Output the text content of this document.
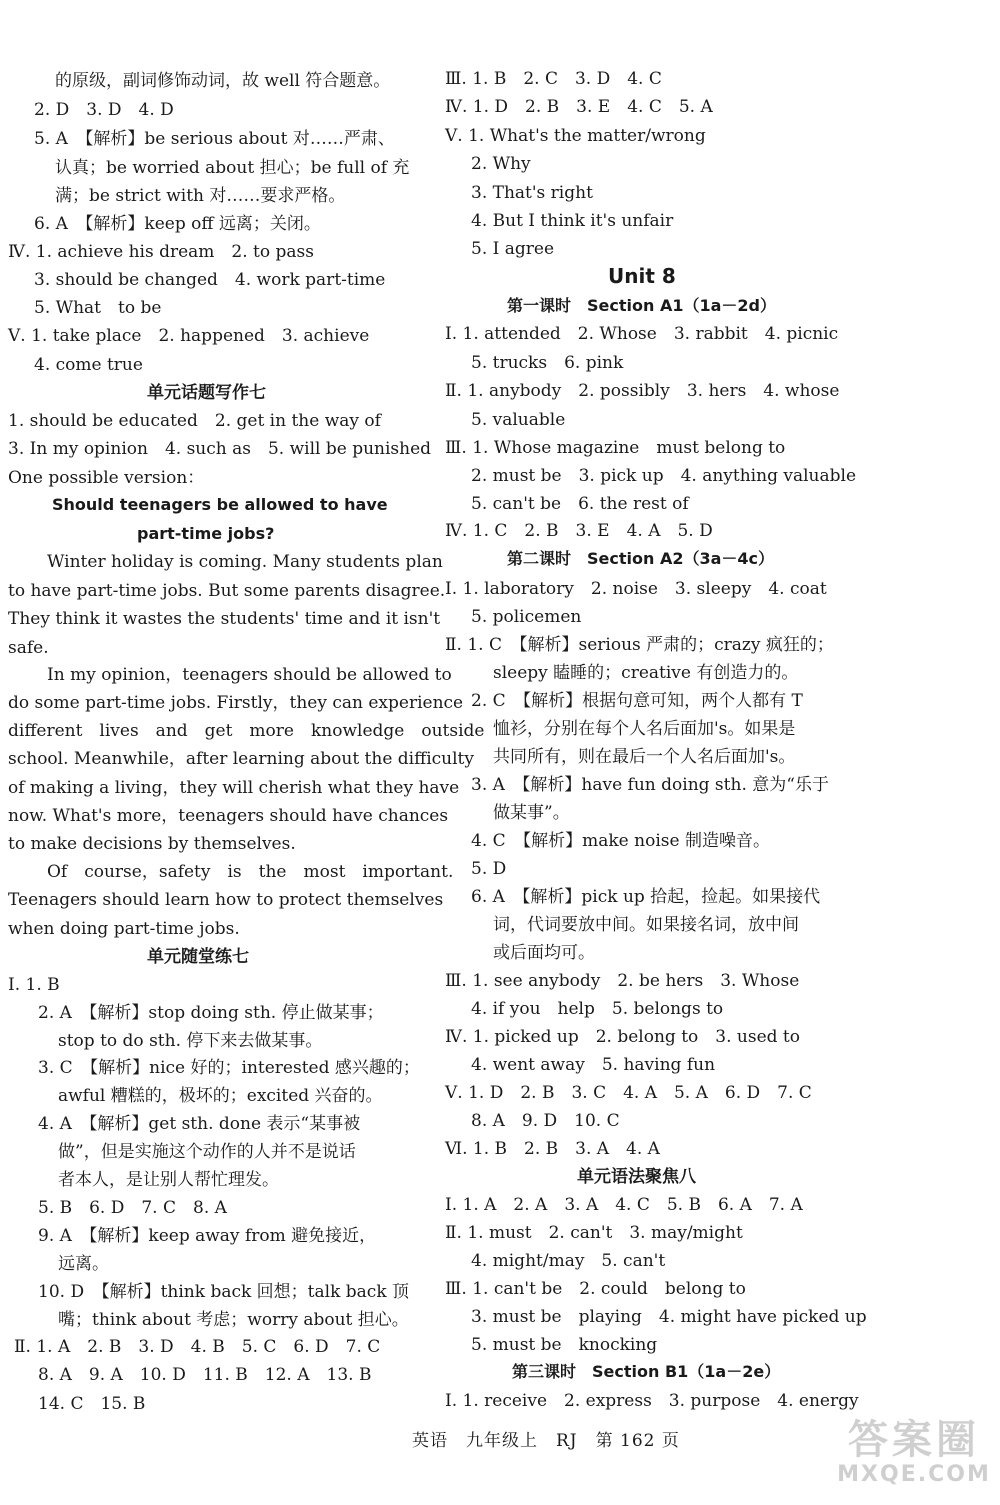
的原级，副词修饰动词，故 well 符合题意。
2. D　3. D　4. D
5. A　【解析】be serious about 对……严肃、
认真；be worried about 担心；be full of 充
满；be strict with 对……要求严格。
6. A　【解析】keep off 远离；关闭。
Ⅳ. 1. achieve his dream　2. to pass
3. should be changed　4. work part-time
5. What　to be
Ⅴ. 1. take place　2. happened　3. achieve
4. come true
单元话题写作七
1. should be educated　2. get in the way of
3. In my opinion　4. such as　5. will be punished
One possible version：
Should teenagers be allowed to have
part-time jobs?
Winter holiday is coming. Many students plan
to have part-time jobs. But some parents disagree.
They think it wastes the students' time and it isn't
safe.
In my opinion，teenagers should be allowed to
do some part-time jobs. Firstly，they can experience
different　lives　and　get　more　knowledge　outside
school. Meanwhile，after learning about the difficulty
of making a living，they will cherish what they have
now. What's more，teenagers should have chances
to make decisions by themselves.
Of　course，safety　is　the　most　important.
Teenagers should learn how to protect themselves
when doing part-time jobs.
单元随堂练七
Ⅰ. 1. B
2. A　【解析】stop doing sth. 停止做某事；
stop to do sth. 停下来去做某事。
3. C　【解析】nice 好的；interested 感兴趣的；
awful 糟糕的，极坏的；excited 兴奋的。
4. A　【解析】get sth. done 表示“某事被
做”，但是实施这个动作的人并不是说话
者本人，是让别人帮忙理发。
5. B　6. D　7. C　8. A
9. A　【解析】keep away from 避免接近，
远离。
10. D　【解析】think back 回想；talk back 顶
嘴；think about 考虑；worry about 担心。
Ⅱ. 1. A　2. B　3. D　4. B　5. C　6. D　7. C
8. A　9. A　10. D　11. B　12. A　13. B
14. C　15. B
Ⅲ. 1. B　2. C　3. D　4. C
Ⅳ. 1. D　2. B　3. E　4. C　5. A
Ⅴ. 1. What's the matter/wrong
2. Why
3. That's right
4. But I think it's unfair
5. I agree
Unit 8
第一课时　Section A1（1a－2d）
Ⅰ. 1. attended　2. Whose　3. rabbit　4. picnic
5. trucks　6. pink
Ⅱ. 1. anybody　2. possibly　3. hers　4. whose
5. valuable
Ⅲ. 1. Whose magazine　must belong to
2. must be　3. pick up　4. anything valuable
5. can't be　6. the rest of
Ⅳ. 1. C　2. B　3. E　4. A　5. D
第二课时　Section A2（3a－4c）
Ⅰ. 1. laboratory　2. noise　3. sleepy　4. coat
5. policemen
Ⅱ. 1. C　【解析】serious 严肃的；crazy 疯狂的；
sleepy 瞌睡的；creative 有创造力的。
2. C　【解析】根据句意可知，两个人都有 T
恤衫，分别在每个人名后面加's。如果是
共同所有，则在最后一个人名后面加's。
3. A　【解析】have fun doing sth. 意为“乐于
做某事”。
4. C　【解析】make noise 制造噪音。
5. D
6. A　【解析】pick up 拾起，捡起。如果接代
词，代词要放中间。如果接名词，放中间
或后面均可。
Ⅲ. 1. see anybody　2. be hers　3. Whose
4. if you　help　5. belongs to
Ⅳ. 1. picked up　2. belong to　3. used to
4. went away　5. having fun
Ⅴ. 1. D　2. B　3. C　4. A　5. A　6. D　7. C
8. A　9. D　10. C
Ⅵ. 1. B　2. B　3. A　4. A
单元语法聚焦八
Ⅰ. 1. A　2. A　3. A　4. C　5. B　6. A　7. A
Ⅱ. 1. must　2. can't　3. may/might
4. might/may　5. can't
Ⅲ. 1. can't be　2. could　belong to
3. must be　playing　4. might have picked up
5. must be　knocking
第三课时　Section B1（1a－2e）
Ⅰ. 1. receive　2. express　3. purpose　4. energy
英语　九年级上　RJ　第 162 页	答案圈
MXQE.COM
